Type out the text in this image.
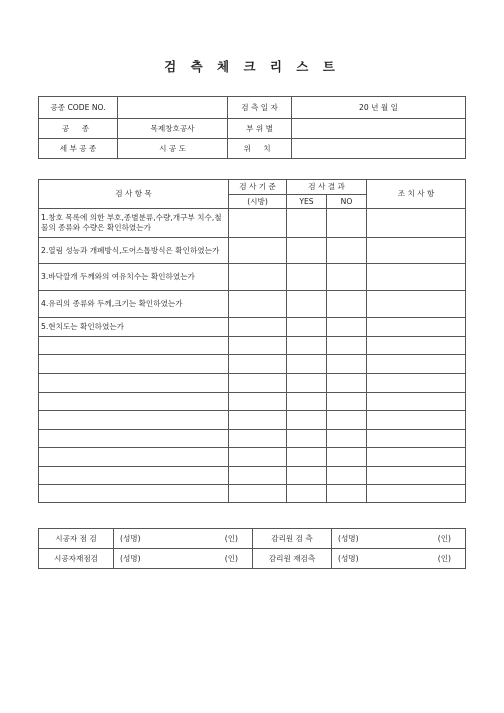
검 측 체 크 리 스 트
공종 CODE NO.		검 측 일 자	20 년 월 일
공 종	목제창호공사	부 위 별	
세 부 공 종	시 공 도	위 치	
검 사 항 목	검 사 기 준	검 사 결 과		조 치 사 항
	(시방)	YES	NO	
1.창호 목록에 의한 부호,종별분류,수량,개구부 치수,철물의 종류와 수량은 확인하였는가				
2.열림 성능과 개폐방식,도어스톱방식은 확인하였는가				
3.바닥깔개 두께와의 여유치수는 확인하였는가				
4.유리의 종류와 두께,크기는 확인하였는가				
5.현치도는 확인하였는가				

시공자 점 검	(성명) (인)	감리원 검 측	(성명) (인)

시공자재점검	(성명) (인)	감리원 재검측	(성명) (인)
